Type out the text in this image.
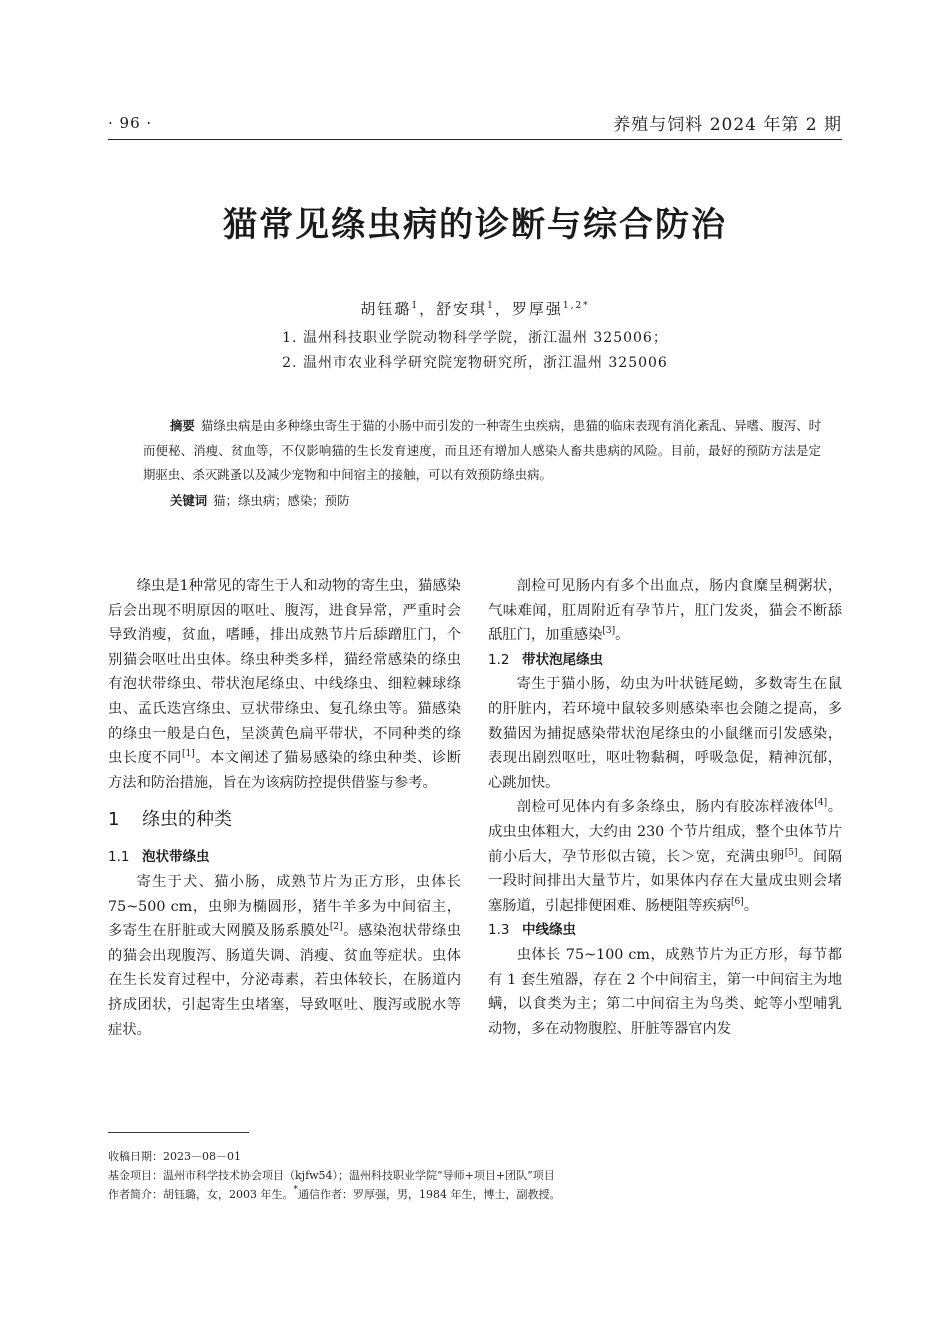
· 96 ·	养殖与饲料 2024 年第 2 期
猫常见绦虫病的诊断与综合防治
胡钰璐$^1$，舒安琪$^1$，罗厚强$^{1,2*}$
1. 温州科技职业学院动物科学学院，浙江温州 325006；
2. 温州市农业科学研究院宠物研究所，浙江温州 325006
摘要 猫绦虫病是由多种绦虫寄生于猫的小肠中而引发的一种寄生虫疾病，患猫的临床表现有消化紊乱、异嗜、腹泻、时而便秘、消瘦、贫血等，不仅影响猫的生长发育速度，而且还有增加人感染人畜共患病的风险。目前，最好的预防方法是定期驱虫、杀灭跳蚤以及减少宠物和中间宿主的接触，可以有效预防绦虫病。
关键词 猫；绦虫病；感染；预防

绦虫是1种常见的寄生于人和动物的寄生虫，猫感染后会出现不明原因的呕吐、腹泻，进食异常，严重时会导致消瘦，贫血，嗜睡，排出成熟节片后舔蹭肛门，个别猫会呕吐出虫体。绦虫种类多样，猫经常感染的绦虫有泡状带绦虫、带状泡尾绦虫、中线绦虫、细粒棘球绦虫、孟氏迭宫绦虫、豆状带绦虫、复孔绦虫等。猫感染的绦虫一般是白色，呈淡黄色扁平带状，不同种类的绦虫长度不同[1]。本文阐述了猫易感染的绦虫种类、诊断方法和防治措施，旨在为该病防控提供借鉴与参考。

1 绦虫的种类
1.1 泡状带绦虫

寄生于犬、猫小肠，成熟节片为正方形，虫体长 75~500 cm，虫卵为椭圆形，猪牛羊多为中间宿主，多寄生在肝脏或大网膜及肠系膜处[2]。感染泡状带绦虫的猫会出现腹泻、肠道失调、消瘦、贫血等症状。虫体在生长发育过程中，分泌毒素，若虫体较长，在肠道内挤成团状，引起寄生虫堵塞，导致呕吐、腹泻或脱水等症状。

剖检可见肠内有多个出血点，肠内食糜呈稠粥状，气味难闻，肛周附近有孕节片，肛门发炎，猫会不断舔舐肛门，加重感染[3]。

1.2 带状泡尾绦虫

寄生于猫小肠，幼虫为叶状链尾蚴，多数寄生在鼠的肝脏内，若环境中鼠较多则感染率也会随之提高，多数猫因为捕捉感染带状泡尾绦虫的小鼠继而引发感染，表现出剧烈呕吐，呕吐物黏稠，呼吸急促，精神沉郁，心跳加快。

剖检可见体内有多条绦虫，肠内有胶冻样液体[4]。成虫虫体粗大，大约由 230 个节片组成，整个虫体节片前小后大，孕节形似古镜，长＞宽，充满虫卵[5]。间隔一段时间排出大量节片，如果体内存在大量成虫则会堵塞肠道，引起排便困难、肠梗阻等疾病[6]。

1.3 中线绦虫

虫体长 75~100 cm，成熟节片为正方形，每节都有 1 套生殖器，存在 2 个中间宿主，第一中间宿主为地螨，以食类为主；第二中间宿主为鸟类、蛇等小型哺乳动物，多在动物腹腔、肝脏等器官内发

收稿日期：2023－08－01
基金项目：温州市科学技术协会项目（kjfw54）；温州科技职业学院“导师+项目+团队”项目
作者简介：胡钰璐，女，2003 年生。*通信作者：罗厚强，男，1984 年生，博士，副教授。
